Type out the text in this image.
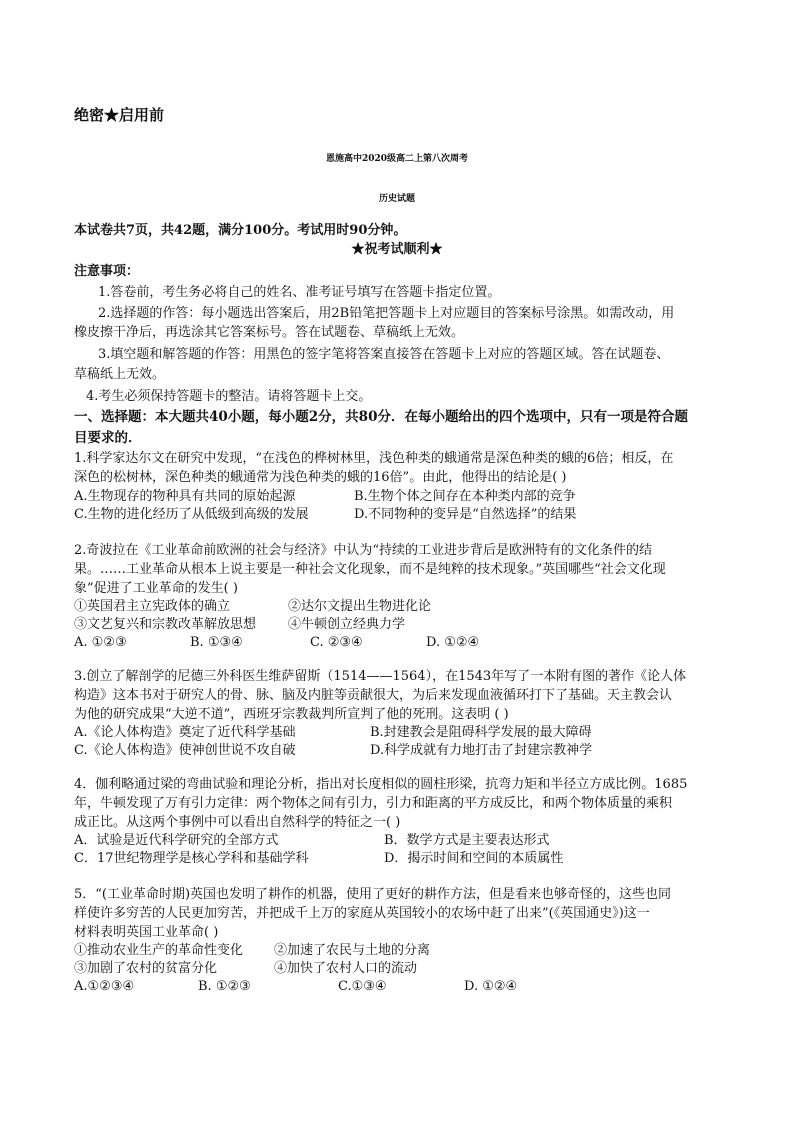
绝密★启用前
恩施高中2020级高二上第八次周考
历史试题
本试卷共7页，共42题，满分100分。考试用时90分钟。
★祝考试顺利★
注意事项：
1.答卷前，考生务必将自己的姓名、准考证号填写在答题卡指定位置。
2.选择题的作答：每小题选出答案后，用2B铅笔把答题卡上对应题目的答案标号涂黑。如需改动，用
橡皮擦干净后，再选涂其它答案标号。答在试题卷、草稿纸上无效。
3.填空题和解答题的作答：用黑色的签字笔将答案直接答在答题卡上对应的答题区域。答在试题卷、
草稿纸上无效。
4.考生必须保持答题卡的整洁。请将答题卡上交。
一、选择题：本大题共40小题，每小题2分，共80分．在每小题给出的四个选项中，只有一项是符合题
目要求的．
1.科学家达尔文在研究中发现，“在浅色的桦树林里，浅色种类的蛾通常是深色种类的蛾的6倍；相反，在
深色的松树林，深色种类的蛾通常为浅色种类的蛾的16倍”。由此，他得出的结论是( )
A.生物现存的物种具有共同的原始起源	B.生物个体之间存在本种类内部的竞争
C.生物的进化经历了从低级到高级的发展	D.不同物种的变异是“自然选择”的结果
2.奇波拉在《工业革命前欧洲的社会与经济》中认为“持续的工业进步背后是欧洲特有的文化条件的结
果。……工业革命从根本上说主要是一种社会文化现象，而不是纯粹的技术现象。”英国哪些“社会文化现
象”促进了工业革命的发生( )
①英国君主立宪政体的确立	②达尔文提出生物进化论
③文艺复兴和宗教改革解放思想 ④牛顿创立经典力学
A. ①②③	B. ①③④	C. ②③④	D. ①②④
3.创立了解剖学的尼德三外科医生维萨留斯（1514——1564），在1543年写了一本附有图的著作《论人体
构造》这本书对于研究人的骨、脉、脑及内脏等贡献很大，为后来发现血液循环打下了基础。天主教会认
为他的研究成果“大逆不道”，西班牙宗教裁判所宣判了他的死刑。这表明 ( )
A.《论人体构造》奠定了近代科学基础	B.封建教会是阻碍科学发展的最大障碍
C.《论人体构造》使神创世说不攻自破	D.科学成就有力地打击了封建宗教神学
4．伽利略通过梁的弯曲试验和理论分析，指出对长度相似的圆柱形梁，抗弯力矩和半径立方成比例。1685
年，牛顿发现了万有引力定律：两个物体之间有引力，引力和距离的平方成反比，和两个物体质量的乘积
成正比。从这两个事例中可以看出自然科学的特征之一( )
A．试验是近代科学研究的全部方式	B．数学方式是主要表达形式
C．17世纪物理学是核心学科和基础学科	D．揭示时间和空间的本质属性
5．“(工业革命时期)英国也发明了耕作的机器，使用了更好的耕作方法，但是看来也够奇怪的，这些也同
样使许多穷苦的人民更加穷苦，并把成千上万的家庭从英国较小的农场中赶了出来”(《英国通史》)这一
材料表明英国工业革命( )
①推动农业生产的革命性变化 ②加速了农民与土地的分离
③加剧了农村的贫富分化	④加快了农村人口的流动
A.①②③④	B. ①②③	C.①③④	D. ①②④
